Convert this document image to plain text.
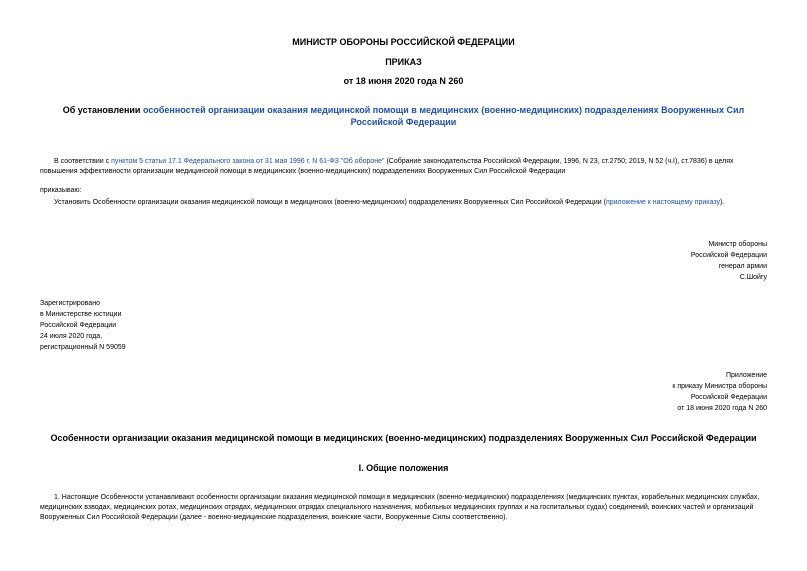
МИНИСТР ОБОРОНЫ РОССИЙСКОЙ ФЕДЕРАЦИИ
ПРИКАЗ
от 18 июня 2020 года N 260
Об установлении особенностей организации оказания медицинской помощи в медицинских (военно-медицинских) подразделениях Вооруженных Сил Российской Федерации
В соответствии с пунктом 5 статьи 17.1 Федерального закона от 31 мая 1996 г. N 61-ФЗ "Об обороне" (Собрание законодательства Российской Федерации, 1996, N 23, ст.2750; 2019, N 52 (ч.I), ст.7836) в целях повышения эффективности организации медицинской помощи в медицинских (военно-медицинских) подразделениях Вооруженных Сил Российской Федерации
приказываю:
Установить Особенности организации оказания медицинской помощи в медицинских (военно-медицинских) подразделениях Вооруженных Сил Российской Федерации (приложение к настоящему приказу).
Министр обороны
Российской Федерации
генерал армии
С.Шойгу
Зарегистрировано
в Министерстве юстиции
Российской Федерации
24 июля 2020 года,
регистрационный N 59059
Приложение
к приказу Министра обороны
Российской Федерации
от 18 июня 2020 года N 260
Особенности организации оказания медицинской помощи в медицинских (военно-медицинских) подразделениях Вооруженных Сил Российской Федерации
I. Общие положения
1. Настоящие Особенности устанавливают особенности организации оказания медицинской помощи в медицинских (военно-медицинских) подразделениях (медицинских пунктах, корабельных медицинских службах, медицинских взводах, медицинских ротах, медицинских отрядах, медицинских отрядах специального назначения, мобильных медицинских группах и на госпитальных судах) соединений, воинских частей и организаций Вооруженных Сил Российской Федерации (далее - военно-медицинские подразделения, воинские части, Вооруженные Силы соответственно).
